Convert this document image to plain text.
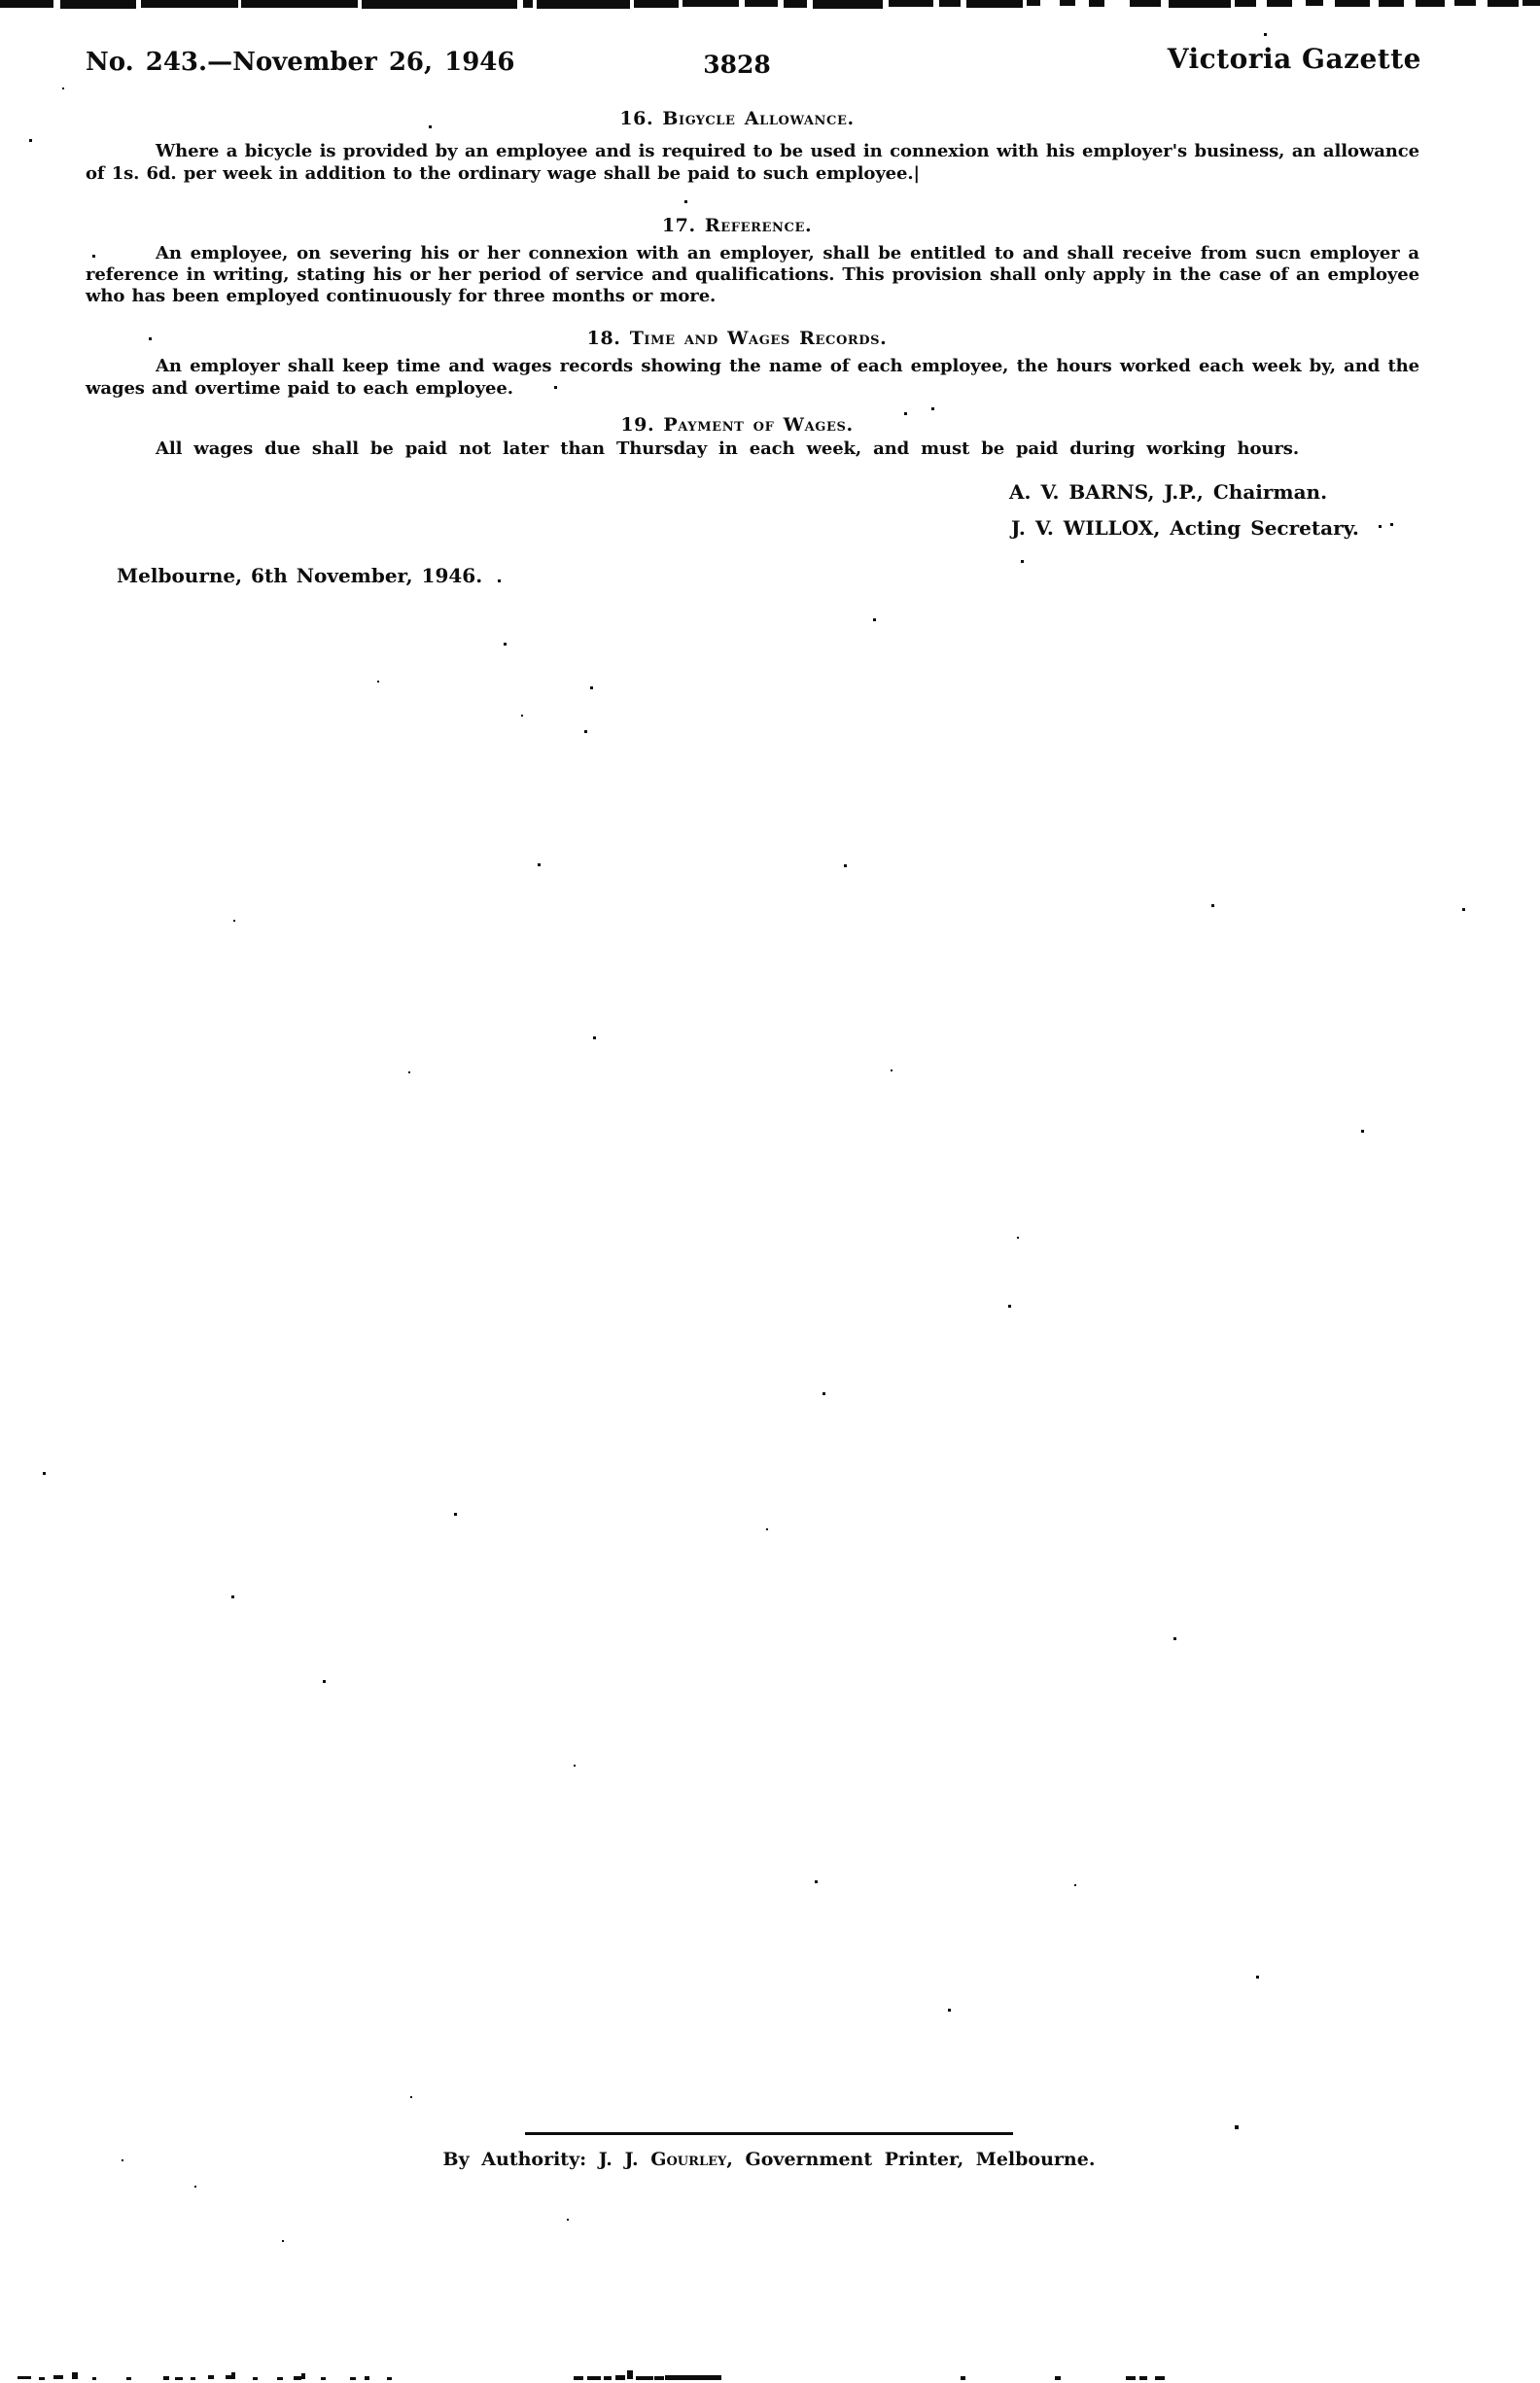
No. 243.—November 26, 1946	3828	Victoria Gazette
16. Bicycle Allowance.
Where a bicycle is provided by an employee and is required to be used in connexion with his employer's business, an allowance
of 1s. 6d. per week in addition to the ordinary wage shall be paid to such employee.|
17. Reference.
An employee, on severing his or her connexion with an employer, shall be entitled to and shall receive from sucn employer a
reference in writing, stating his or her period of service and qualifications. This provision shall only apply in the case of an employee
who has been employed continuously for three months or more.
18. Time and Wages Records.
An employer shall keep time and wages records showing the name of each employee, the hours worked each week by, and the
wages and overtime paid to each employee.
19. Payment of Wages.
All wages due shall be paid not later than Thursday in each week, and must be paid during working hours.
A. V. BARNS, J.P., Chairman.
J. V. WILLOX, Acting Secretary.
Melbourne, 6th November, 1946.
By Authority: J. J. Gourley, Government Printer, Melbourne.
